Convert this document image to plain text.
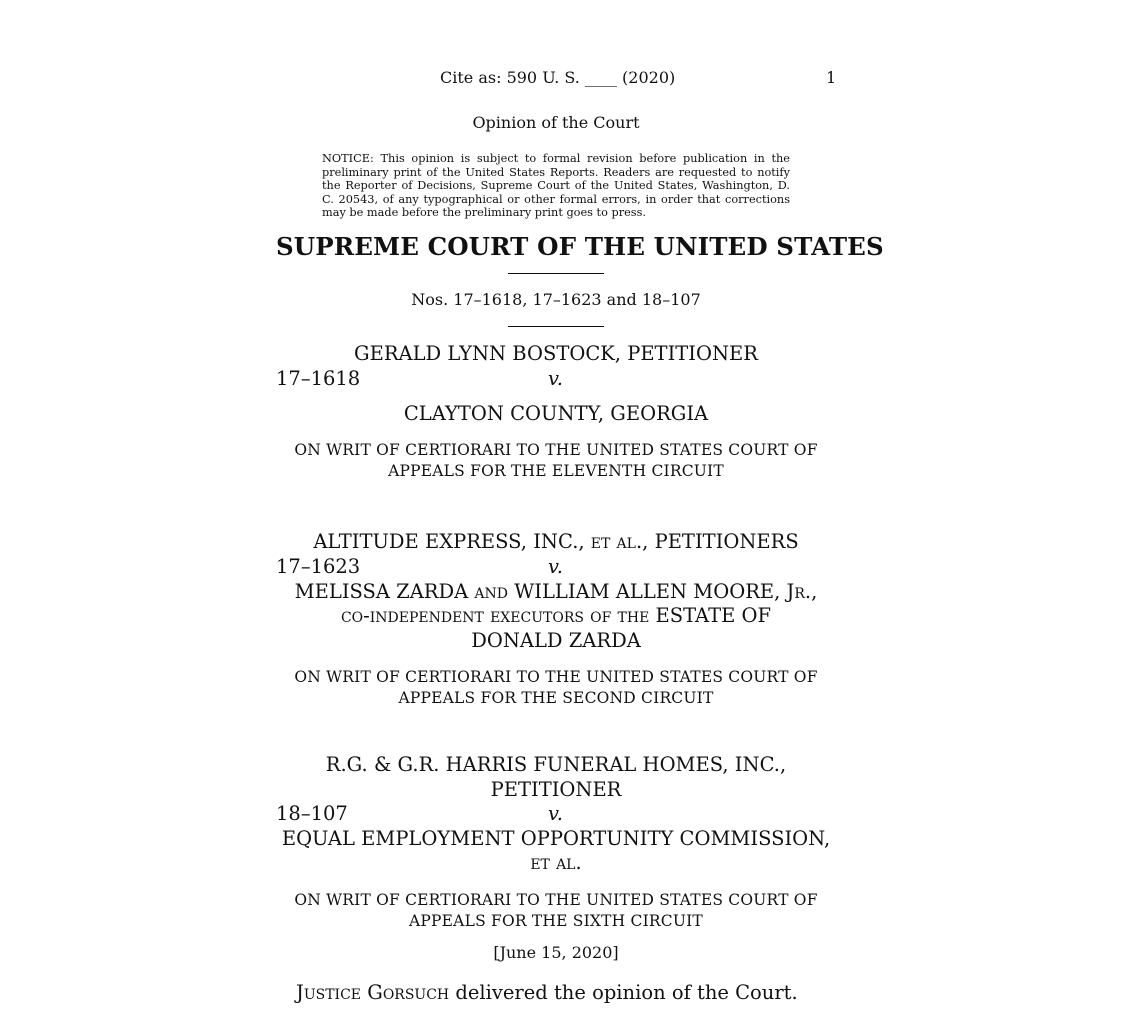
Cite as: 590 U. S. ____ (2020)	1
Opinion of the Court
NOTICE: This opinion is subject to formal revision before publication in the preliminary print of the United States Reports. Readers are requested to notify the Reporter of Decisions, Supreme Court of the United States, Washington, D. C. 20543, of any typographical or other formal errors, in order that corrections may be made before the preliminary print goes to press.
SUPREME COURT OF THE UNITED STATES
Nos. 17–1618, 17–1623 and 18–107
GERALD LYNN BOSTOCK, PETITIONER
17–1618	v.
CLAYTON COUNTY, GEORGIA
ON WRIT OF CERTIORARI TO THE UNITED STATES COURT OF
APPEALS FOR THE ELEVENTH CIRCUIT
ALTITUDE EXPRESS, INC., et al., PETITIONERS
17–1623	v.
MELISSA ZARDA and WILLIAM ALLEN MOORE, Jr.,
co-independent executors of the ESTATE OF
DONALD ZARDA
ON WRIT OF CERTIORARI TO THE UNITED STATES COURT OF
APPEALS FOR THE SECOND CIRCUIT
R.G. & G.R. HARRIS FUNERAL HOMES, INC.,
PETITIONER
18–107	v.
EQUAL EMPLOYMENT OPPORTUNITY COMMISSION,
et al.
ON WRIT OF CERTIORARI TO THE UNITED STATES COURT OF
APPEALS FOR THE SIXTH CIRCUIT
[June 15, 2020]
Justice Gorsuch delivered the opinion of the Court.
